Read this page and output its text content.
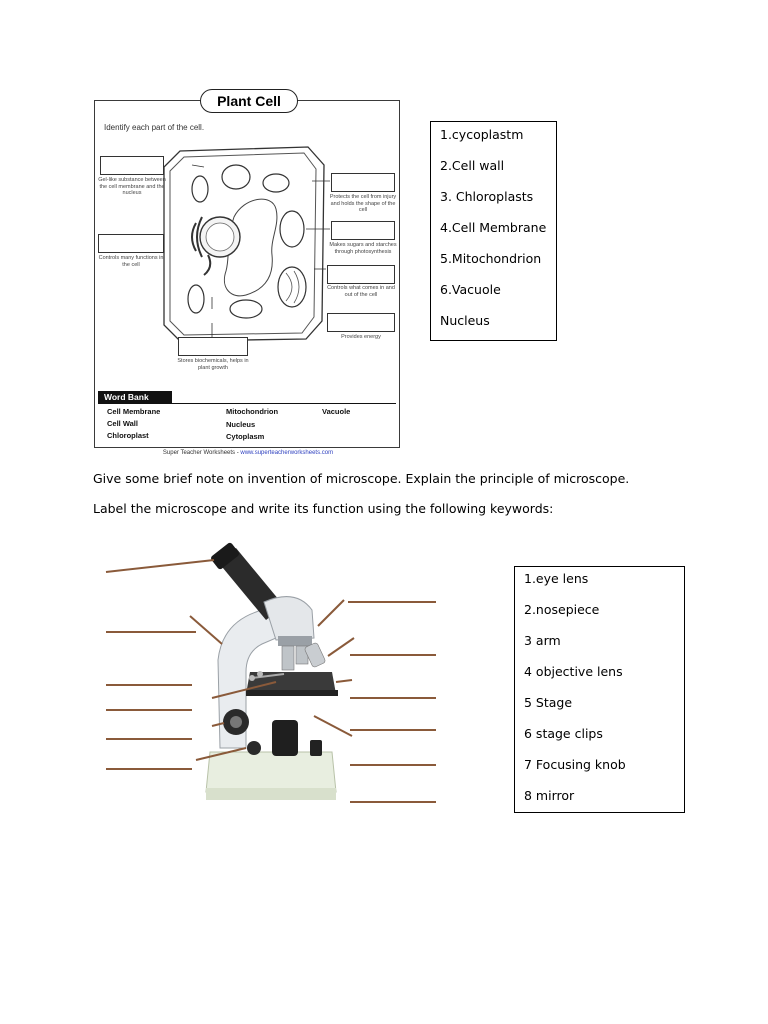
Plant Cell
Identify each part of the cell.
Gel-like substance between the cell membrane and the nucleus
Protects the cell from injury and holds the shape of the cell
Controls many functions in the cell
Makes sugars and starches through photosynthesis
Controls what comes in and out of the cell
Provides energy
Stores biochemicals, helps in plant growth
Word Bank
Cell Membrane
Cell Wall
Chloroplast
Mitochondrion
Nucleus
Cytoplasm
Vacuole
Super Teacher Worksheets - www.superteacherworksheets.com
1.cycoplastm
2.Cell wall
3. Chloroplasts
4.Cell Membrane
5.Mitochondrion
6.Vacuole
Nucleus
Give some brief note on invention of microscope. Explain the principle of microscope.
Label the microscope and write its function using the following keywords:
1.eye lens
2.nosepiece
3 arm
4 objective lens
5 Stage
6 stage clips
7 Focusing knob
8 mirror
